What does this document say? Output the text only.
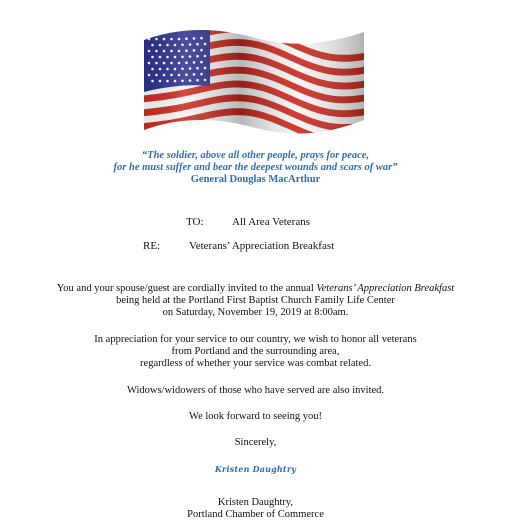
“The soldier, above all other people, prays for peace,
for he must suffer and bear the deepest wounds and scars of war”
General Douglas MacArthur
TO:	All Area Veterans
RE:	Veterans’ Appreciation Breakfast
You and your spouse/guest are cordially invited to the annual Veterans’ Appreciation Breakfast
being held at the Portland First Baptist Church Family Life Center
on Saturday, November 19, 2019 at 8:00am.
In appreciation for your service to our country, we wish to honor all veterans
from Portland and the surrounding area,
regardless of whether your service was combat related.
Widows/widowers of those who have served are also invited.
We look forward to seeing you!
Sincerely,
Kristen Daughtry
Kristen Daughtry,
Portland Chamber of Commerce
